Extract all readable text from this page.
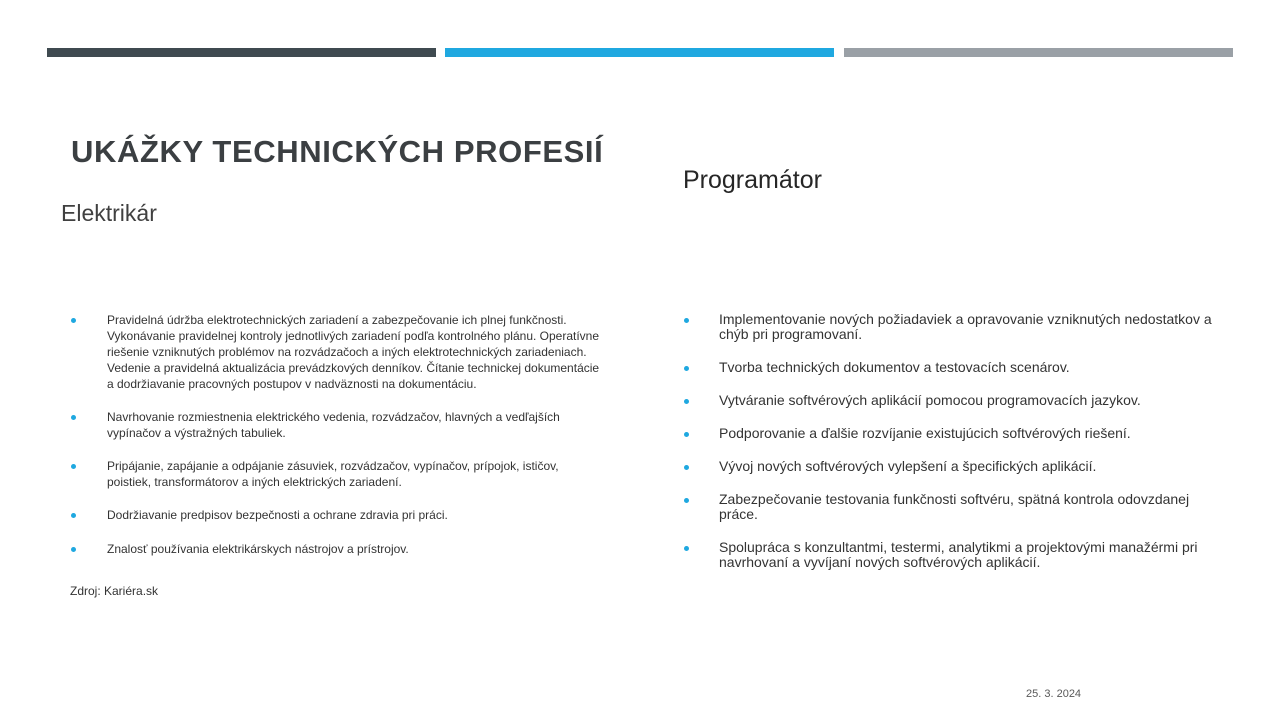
UKÁŽKY TECHNICKÝCH PROFESIÍ
Elektrikár
Programátor
Pravidelná údržba elektrotechnických zariadení a zabezpečovanie ich plnej funkčnosti. Vykonávanie pravidelnej kontroly jednotlivých zariadení podľa kontrolného plánu. Operatívne riešenie vzniknutých problémov na rozvádzačoch a iných elektrotechnických zariadeniach. Vedenie a pravidelná aktualizácia prevádzkových denníkov. Čítanie technickej dokumentácie a dodržiavanie pracovných postupov v nadväznosti na dokumentáciu.
Navrhovanie rozmiestnenia elektrického vedenia, rozvádzačov, hlavných a vedľajších vypínačov a výstražných tabuliek.
Pripájanie, zapájanie a odpájanie zásuviek, rozvádzačov, vypínačov, prípojok, ističov, poistiek, transformátorov a iných elektrických zariadení.
Dodržiavanie predpisov bezpečnosti a ochrane zdravia pri práci.
Znalosť používania elektrikárskych nástrojov a prístrojov.
Zdroj: Kariéra.sk
Implementovanie nových požiadaviek a opravovanie vzniknutých nedostatkov a chýb pri programovaní.
Tvorba technických dokumentov a testovacích scenárov.
Vytváranie softvérových aplikácií pomocou programovacích jazykov.
Podporovanie a ďalšie rozvíjanie existujúcich softvérových riešení.
Vývoj nových softvérových vylepšení a špecifických aplikácií.
Zabezpečovanie testovania funkčnosti softvéru, spätná kontrola odovzdanej práce.
Spolupráca s konzultantmi, testermi, analytikmi a projektovými manažérmi pri navrhovaní a vyvíjaní nových softvérových aplikácií.
25. 3. 2024
